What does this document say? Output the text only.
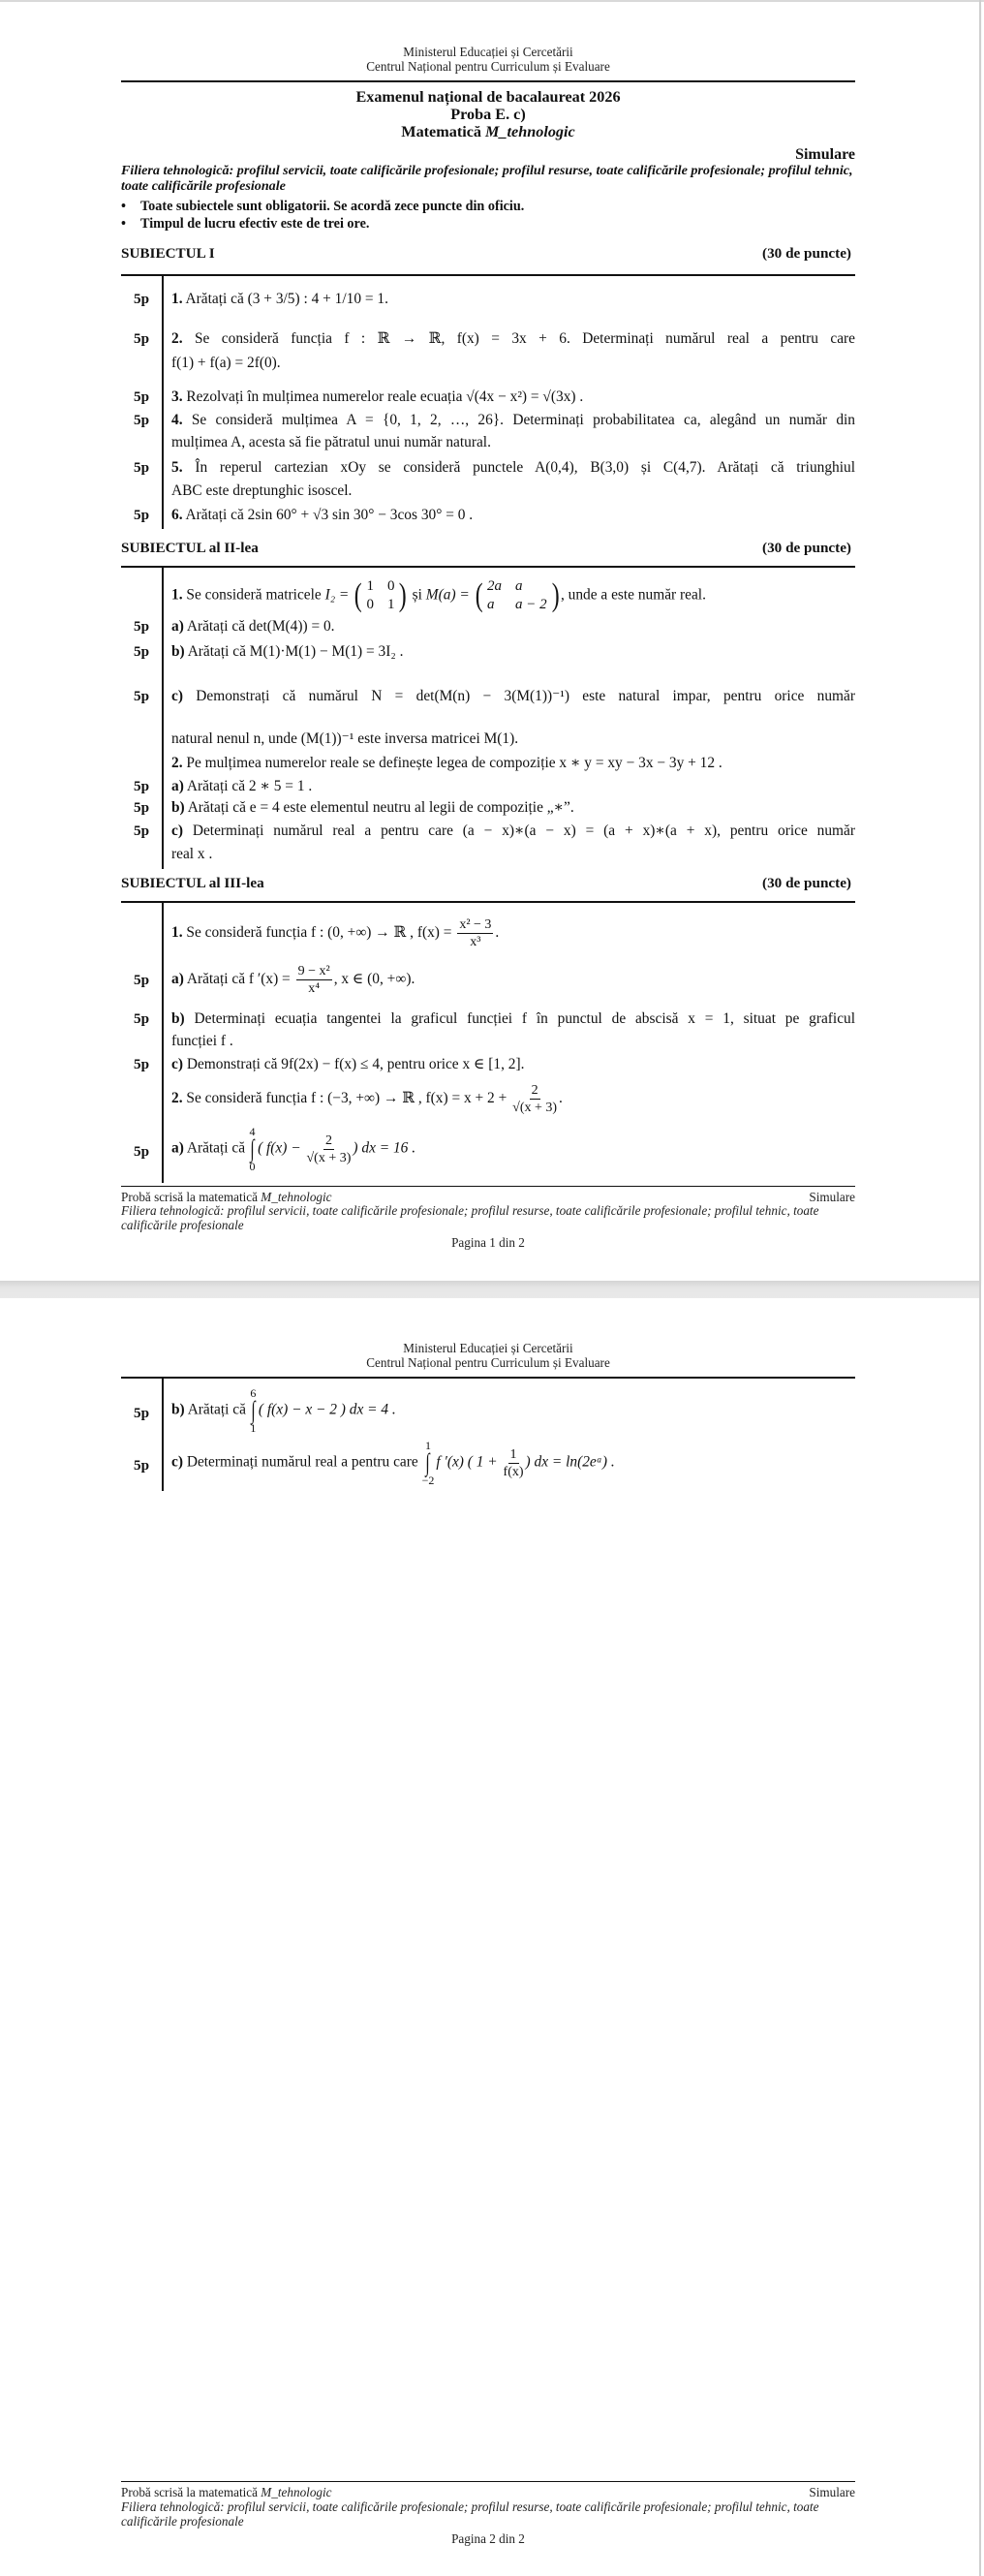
Ministerul Educației și Cercetării
Centrul Național pentru Curriculum și Evaluare
Examenul național de bacalaureat 2026
Proba E. c)
Matematică M_tehnologic
Simulare
Filiera tehnologică: profilul servicii, toate calificările profesionale; profilul resurse, toate calificările profesionale; profilul tehnic, toate calificările profesionale
• Toate subiectele sunt obligatorii. Se acordă zece puncte din oficiu.
• Timpul de lucru efectiv este de trei ore.
SUBIECTUL I	(30 de puncte)
5p 1. Arătați că (3 + 3/5) : 4 + 1/10 = 1.
5p 2. Se consideră funcția f : ℝ → ℝ, f(x) = 3x + 6. Determinați numărul real a pentru care
f(1) + f(a) = 2f(0).
5p 3. Rezolvați în mulțimea numerelor reale ecuația √(4x − x²) = √(3x) .
5p 4. Se consideră mulțimea A = {0, 1, 2, …, 26}. Determinați probabilitatea ca, alegând un număr din
mulțimea A, acesta să fie pătratul unui număr natural.
5p 5. În reperul cartezian xOy se consideră punctele A(0,4), B(3,0) și C(4,7). Arătați că triunghiul
ABC este dreptunghic isoscel.
5p 6. Arătați că 2sin 60° + √3 sin 30° − 3cos 30° = 0 .
SUBIECTUL al II-lea	(30 de puncte)
1. Se consideră matricele I₂ = ( 1 0
0 1 ) și M(a) = ( 2a a
a	a − 2 ) , unde a este număr real.
5p a) Arătați că det(M(4)) = 0.
5p b) Arătați că M(1)·M(1) − M(1) = 3I₂ .
5p c) Demonstrați că numărul N = det(M(n) − 3(M(1))⁻¹) este natural impar, pentru orice număr
natural nenul n, unde (M(1))⁻¹ este inversa matricei M(1).
2. Pe mulțimea numerelor reale se definește legea de compoziție x ∗ y = xy − 3x − 3y + 12 .
5p a) Arătați că 2 ∗ 5 = 1 .
5p b) Arătați că e = 4 este elementul neutru al legii de compoziție „∗”.
5p c) Determinați numărul real a pentru care (a − x)∗(a − x) = (a + x)∗(a + x), pentru orice număr
real x .
SUBIECTUL al III-lea	(30 de puncte)
1. Se consideră funcția f : (0, +∞) → ℝ , $f(x) = \frac{\text{x² − 3}}{\text{x³}}$ .
5p a) Arătați că f $'(x) = \frac{\text{9 − x²}}{\text{x⁴}}$ , x ∈ (0, +∞).
5p b) Determinați ecuația tangentei la graficul funcției f în punctul de abscisă x = 1, situat pe graficul
funcției f .
5p c) Demonstrați că 9f(2x) − f(x) ≤ 4, pentru orice x ∈ [1, 2].
2. Se consideră funcția f : (−3, +∞) → ℝ , $f(x) = x + 2 + \frac{2}{√(x + 3)}$ .
5p a) Arătați că
4
∫
0
( $f(x) - \frac{2}{√(x + 3)}$ ) dx = 16 .
Probă scrisă la matematică M_tehnologic	Simulare
Filiera tehnologică: profilul servicii, toate calificările profesionale; profilul resurse, toate calificările profesionale; profilul tehnic, toate calificările profesionale
Pagina 1 din 2
Ministerul Educației și Cercetării
Centrul Național pentru Curriculum și Evaluare
5p b) Arătați că
6
∫
1
( f(x) − x − 2 ) dx = 4 .
5p c) Determinați numărul real a pentru care
1
∫
−2
f ′(x) ( $1 + \frac{1}{f(x)}$ ) dx = ln(2eᵃ) .
Probă scrisă la matematică M_tehnologic	Simulare
Filiera tehnologică: profilul servicii, toate calificările profesionale; profilul resurse, toate calificările profesionale; profilul tehnic, toate calificările profesionale
Pagina 2 din 2
